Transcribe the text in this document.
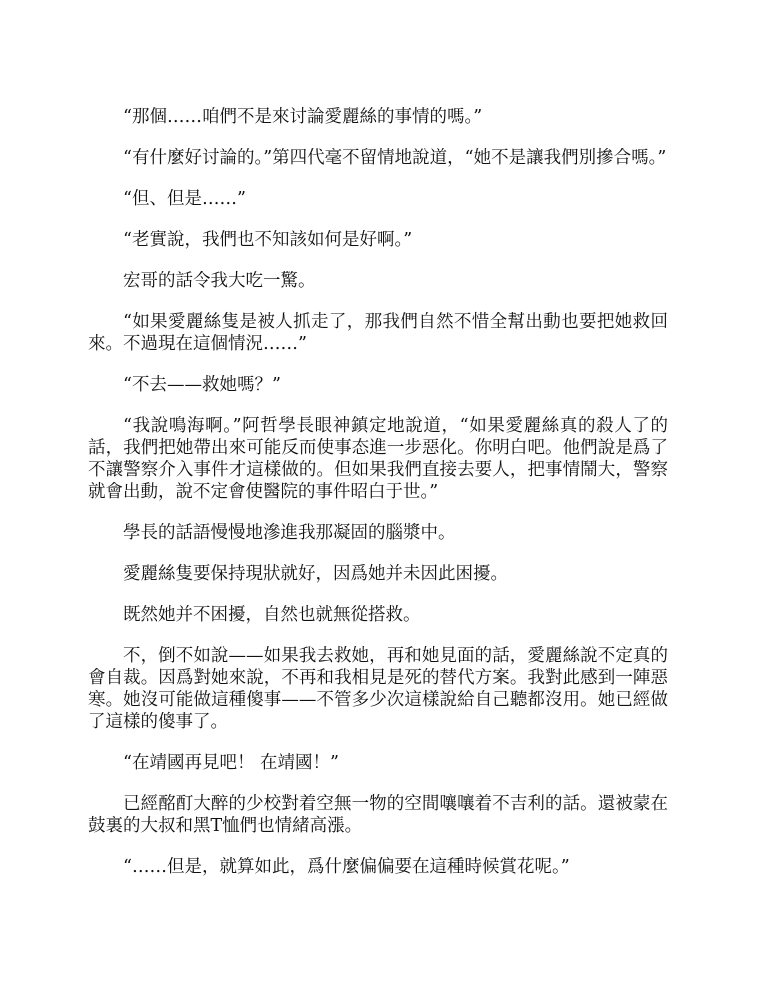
“那個……咱們不是來讨論愛麗絲的事情的嗎。”

“有什麼好讨論的。”第四代毫不留情地說道，“她不是讓我們別摻合嗎。”

“但、但是……”

“老實說，我們也不知該如何是好啊。”

宏哥的話令我大吃一驚。

“如果愛麗絲隻是被人抓走了，那我們自然不惜全幫出動也要把她救回來。不過現在這個情況……”

“不去——救她嗎？”

“我說鳴海啊。”阿哲學長眼神鎮定地說道，“如果愛麗絲真的殺人了的話，我們把她帶出來可能反而使事态進一步惡化。你明白吧。他們說是爲了不讓警察介入事件才這樣做的。但如果我們直接去要人，把事情鬧大，警察就會出動，說不定會使醫院的事件昭白于世。”

學長的話語慢慢地滲進我那凝固的腦漿中。

愛麗絲隻要保持現狀就好，因爲她并未因此困擾。

既然她并不困擾，自然也就無從搭救。

不，倒不如說——如果我去救她，再和她見面的話，愛麗絲說不定真的會自裁。因爲對她來說，不再和我相見是死的替代方案。我對此感到一陣惡寒。她沒可能做這種傻事——不管多少次這樣說給自己聽都沒用。她已經做了這樣的傻事了。

“在靖國再見吧！ 在靖國！”

已經酩酊大醉的少校對着空無一物的空間嚷嚷着不吉利的話。還被蒙在鼓裏的大叔和黑T恤們也情緒高漲。

“……但是，就算如此，爲什麼偏偏要在這種時候賞花呢。”
